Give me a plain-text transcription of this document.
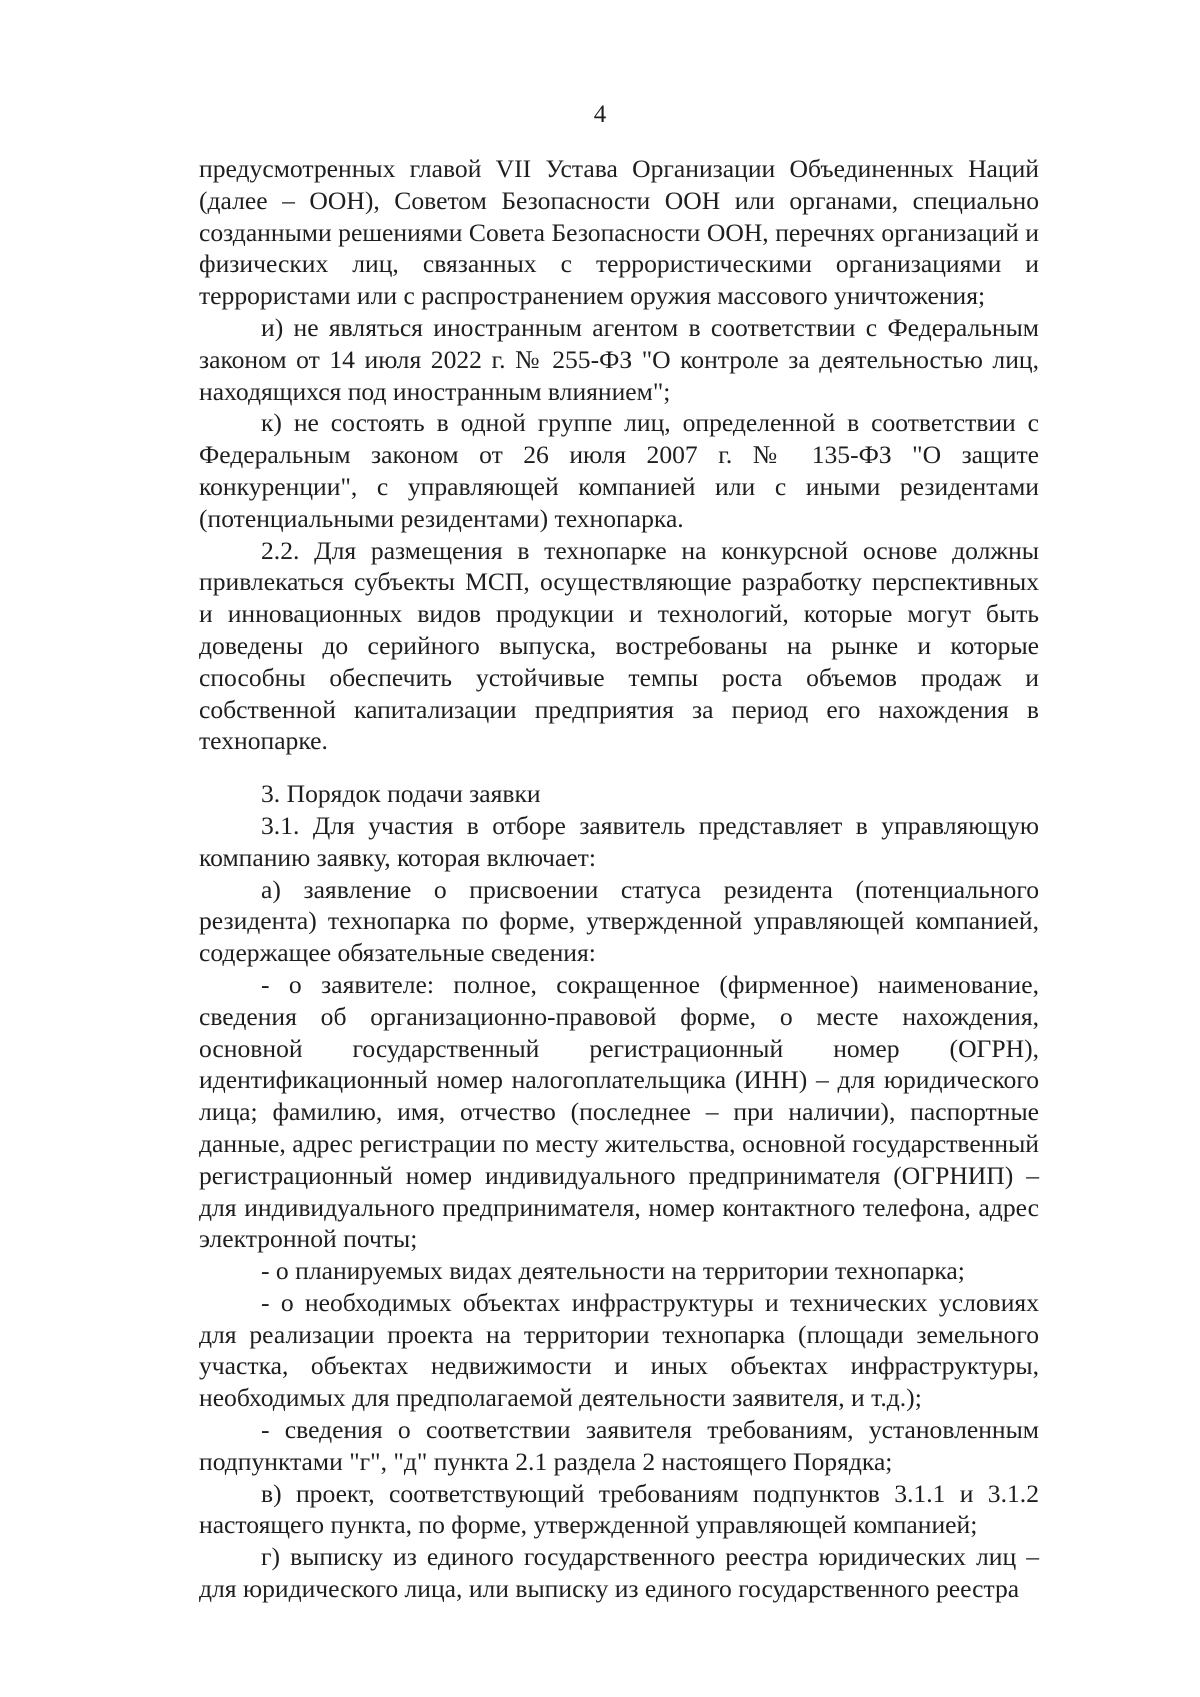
4

предусмотренных главой VII Устава Организации Объединенных Наций (далее – ООН), Советом Безопасности ООН или органами, специально созданными решениями Совета Безопасности ООН, перечнях организаций и физических лиц, связанных с террористическими организациями и террористами или с распространением оружия массового уничтожения;

и) не являться иностранным агентом в соответствии с Федеральным законом от 14 июля 2022 г. № 255-ФЗ "О контроле за деятельностью лиц, находящихся под иностранным влиянием";

к) не состоять в одной группе лиц, определенной в соответствии с Федеральным законом от 26 июля 2007 г. № 135-ФЗ "О защите конкуренции", с управляющей компанией или с иными резидентами (потенциальными резидентами) технопарка.

2.2. Для размещения в технопарке на конкурсной основе должны привлекаться субъекты МСП, осуществляющие разработку перспективных и инновационных видов продукции и технологий, которые могут быть доведены до серийного выпуска, востребованы на рынке и которые способны обеспечить устойчивые темпы роста объемов продаж и собственной капитализации предприятия за период его нахождения в технопарке.

3. Порядок подачи заявки

3.1. Для участия в отборе заявитель представляет в управляющую компанию заявку, которая включает:

а) заявление о присвоении статуса резидента (потенциального резидента) технопарка по форме, утвержденной управляющей компанией, содержащее обязательные сведения:

- о заявителе: полное, сокращенное (фирменное) наименование, сведения об организационно-правовой форме, о месте нахождения, основной государственный регистрационный номер (ОГРН), идентификационный номер налогоплательщика (ИНН) – для юридического лица; фамилию, имя, отчество (последнее – при наличии), паспортные данные, адрес регистрации по месту жительства, основной государственный регистрационный номер индивидуального предпринимателя (ОГРНИП) – для индивидуального предпринимателя, номер контактного телефона, адрес электронной почты;

- о планируемых видах деятельности на территории технопарка;

- о необходимых объектах инфраструктуры и технических условиях для реализации проекта на территории технопарка (площади земельного участка, объектах недвижимости и иных объектах инфраструктуры, необходимых для предполагаемой деятельности заявителя, и т.д.);

- сведения о соответствии заявителя требованиям, установленным подпунктами "г", "д" пункта 2.1 раздела 2 настоящего Порядка;

в) проект, соответствующий требованиям подпунктов 3.1.1 и 3.1.2 настоящего пункта, по форме, утвержденной управляющей компанией;

г) выписку из единого государственного реестра юридических лиц – для юридического лица, или выписку из единого государственного реестра
